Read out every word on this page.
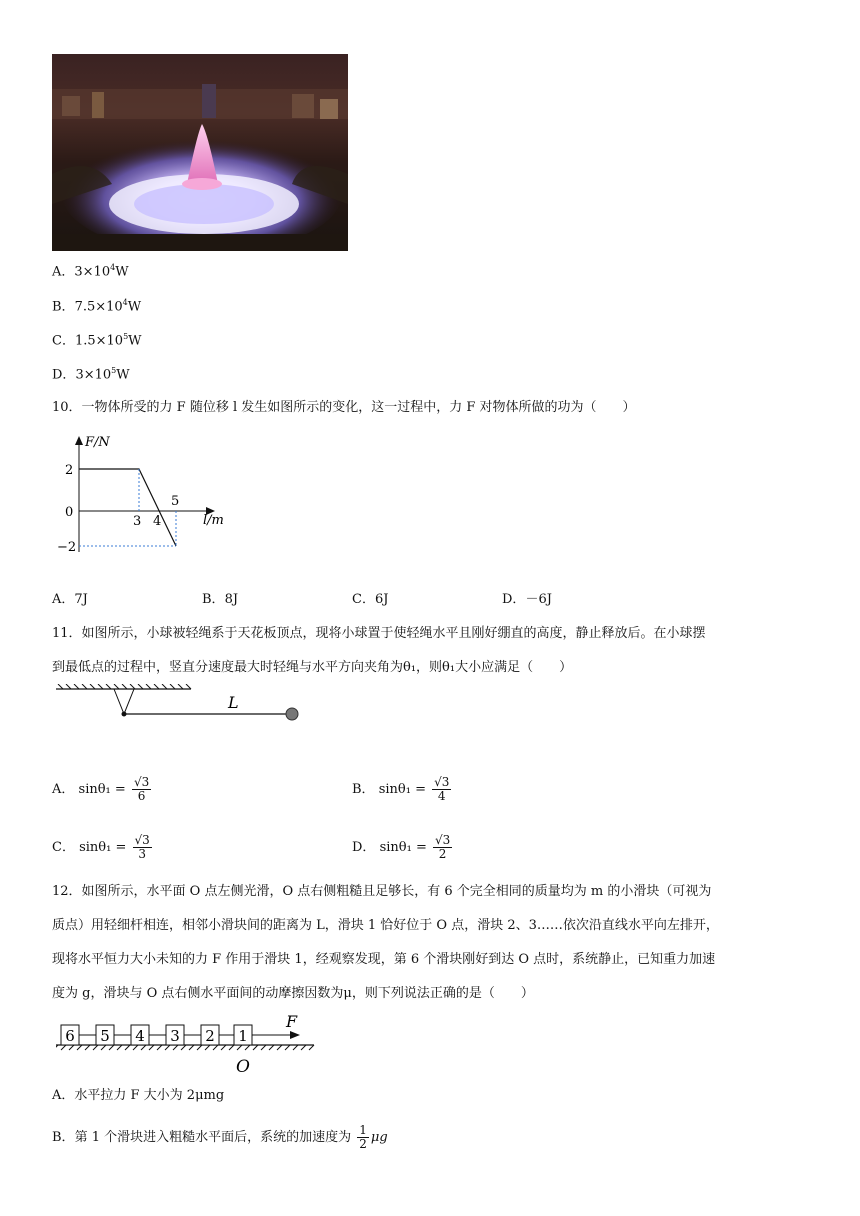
A．$3\times 10^4W$
B．$7.5\times 10^4W$
C．$1.5\times 10^5W$
D．$3\times 10^5W$
10．一物体所受的力 F 随位移 l 发生如图所示的变化，这一过程中，力 F 对物体所做的功为（　　）
F/N
l/m
2
0
−2
3 4
5
A．7J	B．8J	C．6J	D．－6J
11．如图所示，小球被轻绳系于天花板顶点，现将小球置于使轻绳水平且刚好绷直的高度，静止释放后。在小球摆
到最低点的过程中，竖直分速度最大时轻绳与水平方向夹角为θ₁，则θ₁大小应满足（　　）
L
A． $\sin\theta_1 = \frac{√3}{6}$	B． $\sin\theta_1 = \frac{√3}{4}$
C． $\sin\theta_1 = \frac{√3}{3}$	D． $\sin\theta_1 = \frac{√3}{2}$
12．如图所示，水平面 O 点左侧光滑，O 点右侧粗糙且足够长，有 6 个完全相同的质量均为 m 的小滑块（可视为
质点）用轻细杆相连，相邻小滑块间的距离为 L，滑块 1 恰好位于 O 点，滑块 2、3……依次沿直线水平向左排开，
现将水平恒力大小未知的力 F 作用于滑块 1，经观察发现，第 6 个滑块刚好到达 O 点时，系统静止，已知重力加速
度为 g，滑块与 O 点右侧水平面间的动摩擦因数为μ，则下列说法正确的是（　　）
6 5 4 3 2 1
F
O
A．水平拉力 F 大小为 2μmg
B．第 1 个滑块进入粗糙水平面后，系统的加速度为 $\frac{1}{2}$ μg
